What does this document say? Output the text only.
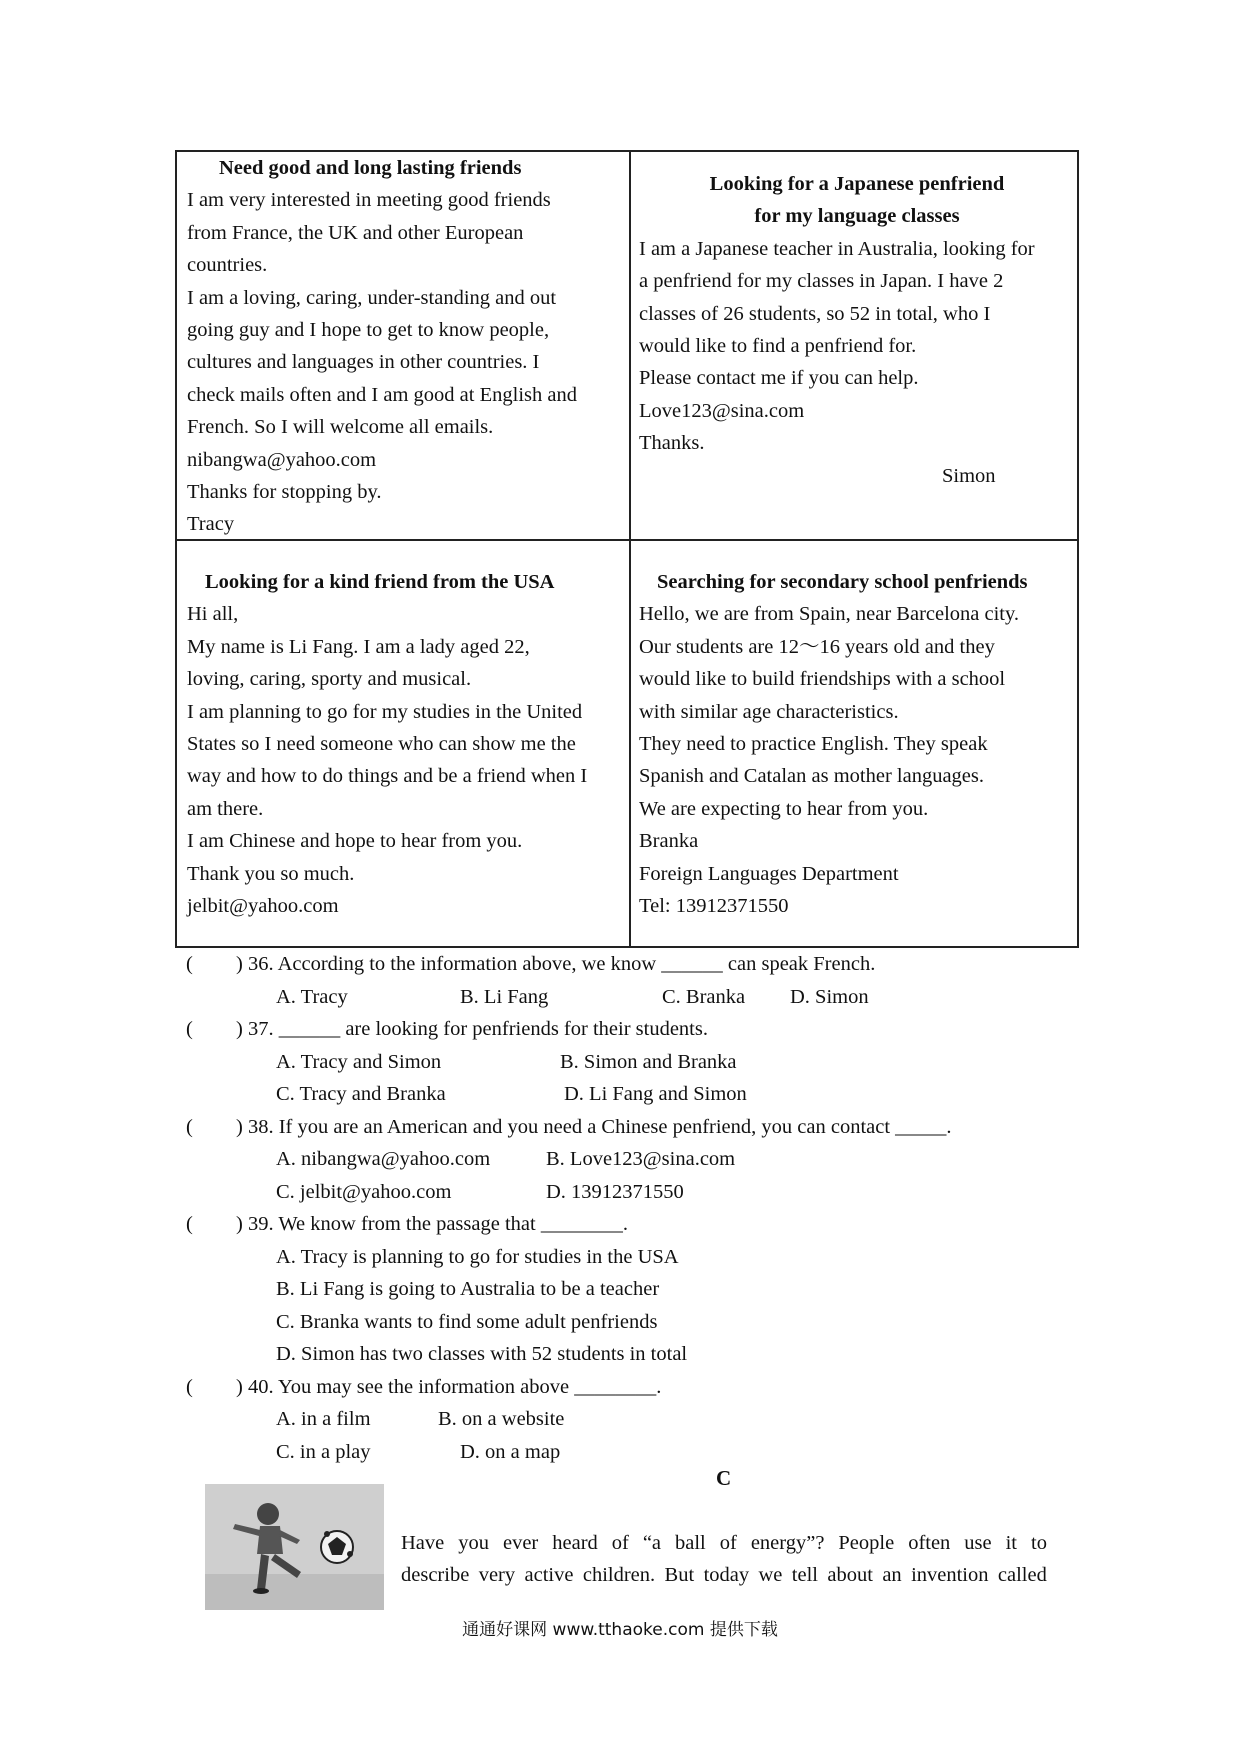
Need good and long lasting friends
I am very interested in meeting good friends
from France, the UK and other European
countries.
I am a loving, caring, under-standing and out
going guy and I hope to get to know people,
cultures and languages in other countries. I
check mails often and I am good at English and
French. So I will welcome all emails.
nibangwa@yahoo.com
Thanks for stopping by.
Tracy
Looking for a Japanese penfriend
for my language classes
I am a Japanese teacher in Australia, looking for
a penfriend for my classes in Japan. I have 2
classes of 26 students, so 52 in total, who I
would like to find a penfriend for.
Please contact me if you can help.
Love123@sina.com
Thanks.
Simon
Looking for a kind friend from the USA
Hi all,
My name is Li Fang. I am a lady aged 22,
loving, caring, sporty and musical.
I am planning to go for my studies in the United
States so I need someone who can show me the
way and how to do things and be a friend when I
am there.
I am Chinese and hope to hear from you.
Thank you so much.
jelbit@yahoo.com
Searching for secondary school penfriends
Hello, we are from Spain, near Barcelona city.
Our students are 12～16 years old and they
would like to build friendships with a school
with similar age characteristics.
They need to practice English. They speak
Spanish and Catalan as mother languages.
We are expecting to hear from you.
Branka
Foreign Languages Department
Tel: 13912371550
( ) 36. According to the information above, we know ______ can speak French.
A. Tracy	B. Li Fang	C. Branka D. Simon
( ) 37. ______ are looking for penfriends for their students.
A. Tracy and Simon	B. Simon and Branka
C. Tracy and Branka	D. Li Fang and Simon
( ) 38. If you are an American and you need a Chinese penfriend, you can contact _____.
A. nibangwa@yahoo.com	B. Love123@sina.com
C. jelbit@yahoo.com	D. 13912371550
( ) 39. We know from the passage that ________.
A. Tracy is planning to go for studies in the USA
B. Li Fang is going to Australia to be a teacher
C. Branka wants to find some adult penfriends
D. Simon has two classes with 52 students in total
( ) 40. You may see the information above ________.
A. in a film	B. on a website
C. in a play	D. on a map
C
Have you ever heard of “a ball of energy”? People often use it to
describe very active children. But today we tell about an invention called
通通好课网 www.tthaoke.com 提供下载
